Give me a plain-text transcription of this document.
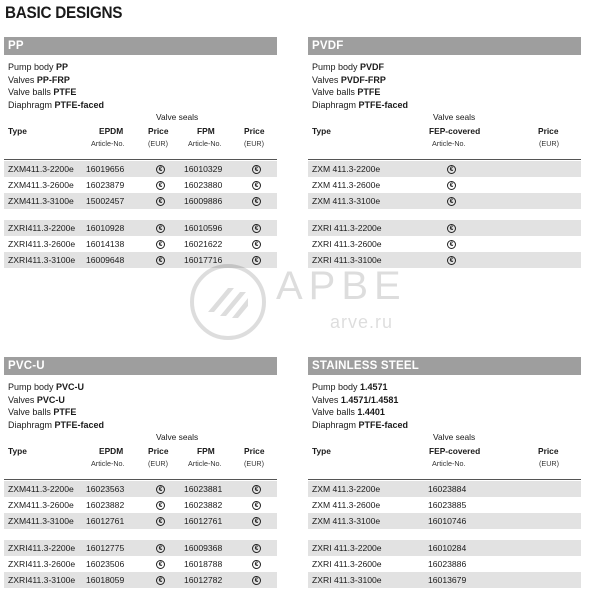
BASIC DESIGNS
PP
Pump body PP
Valves PP-FRP
Valve balls PTFE
Diaphragm PTFE-faced
Valve seals
Type	EPDM	Price	FPM	Price
Article-No.	(EUR)	Article-No.	(EUR)
ZXM411.3-2200e 16019656	€	16010329	€
ZXM411.3-2600e 16023879	€	16023880	€
ZXM411.3-3100e 15002457	€	16009886	€
ZXRI411.3-2200e 16010928	€	16010596	€
ZXRI411.3-2600e 16014138	€	16021622	€
ZXRI411.3-3100e 16009648	€	16017716	€
PVDF
Pump body PVDF
Valves PVDF-FRP
Valve balls PTFE
Diaphragm PTFE-faced
Valve seals
Type	FEP-covered	Price
Article-No.	(EUR)
ZXM 411.3-2200e	€
ZXM 411.3-2600e	€
ZXM 411.3-3100e	€
ZXRI 411.3-2200e	€
ZXRI 411.3-2600e	€
ZXRI 411.3-3100e	€
PVC-U
Pump body PVC-U
Valves PVC-U
Valve balls PTFE
Diaphragm PTFE-faced
Valve seals
Type	EPDM	Price	FPM	Price
Article-No.	(EUR)	Article-No.	(EUR)
ZXM411.3-2200e 16023563	€	16023881	€
ZXM411.3-2600e 16023882	€	16023882	€
ZXM411.3-3100e 16012761	€	16012761	€
ZXRI411.3-2200e 16012775	€	16009368	€
ZXRI411.3-2600e 16023506	€	16018788	€
ZXRI411.3-3100e 16018059	€	16012782	€
STAINLESS STEEL
Pump body 1.4571
Valves 1.4571/1.4581
Valve balls 1.4401
Diaphragm PTFE-faced
Valve seals
Type	FEP-covered	Price
Article-No.	(EUR)
ZXM 411.3-2200e	16023884
ZXM 411.3-2600e	16023885
ZXM 411.3-3100e	16010746
ZXRI 411.3-2200e	16010284
ZXRI 411.3-2600e	16023886
ZXRI 411.3-3100e	16013679
АРВЕ
arve.ru
